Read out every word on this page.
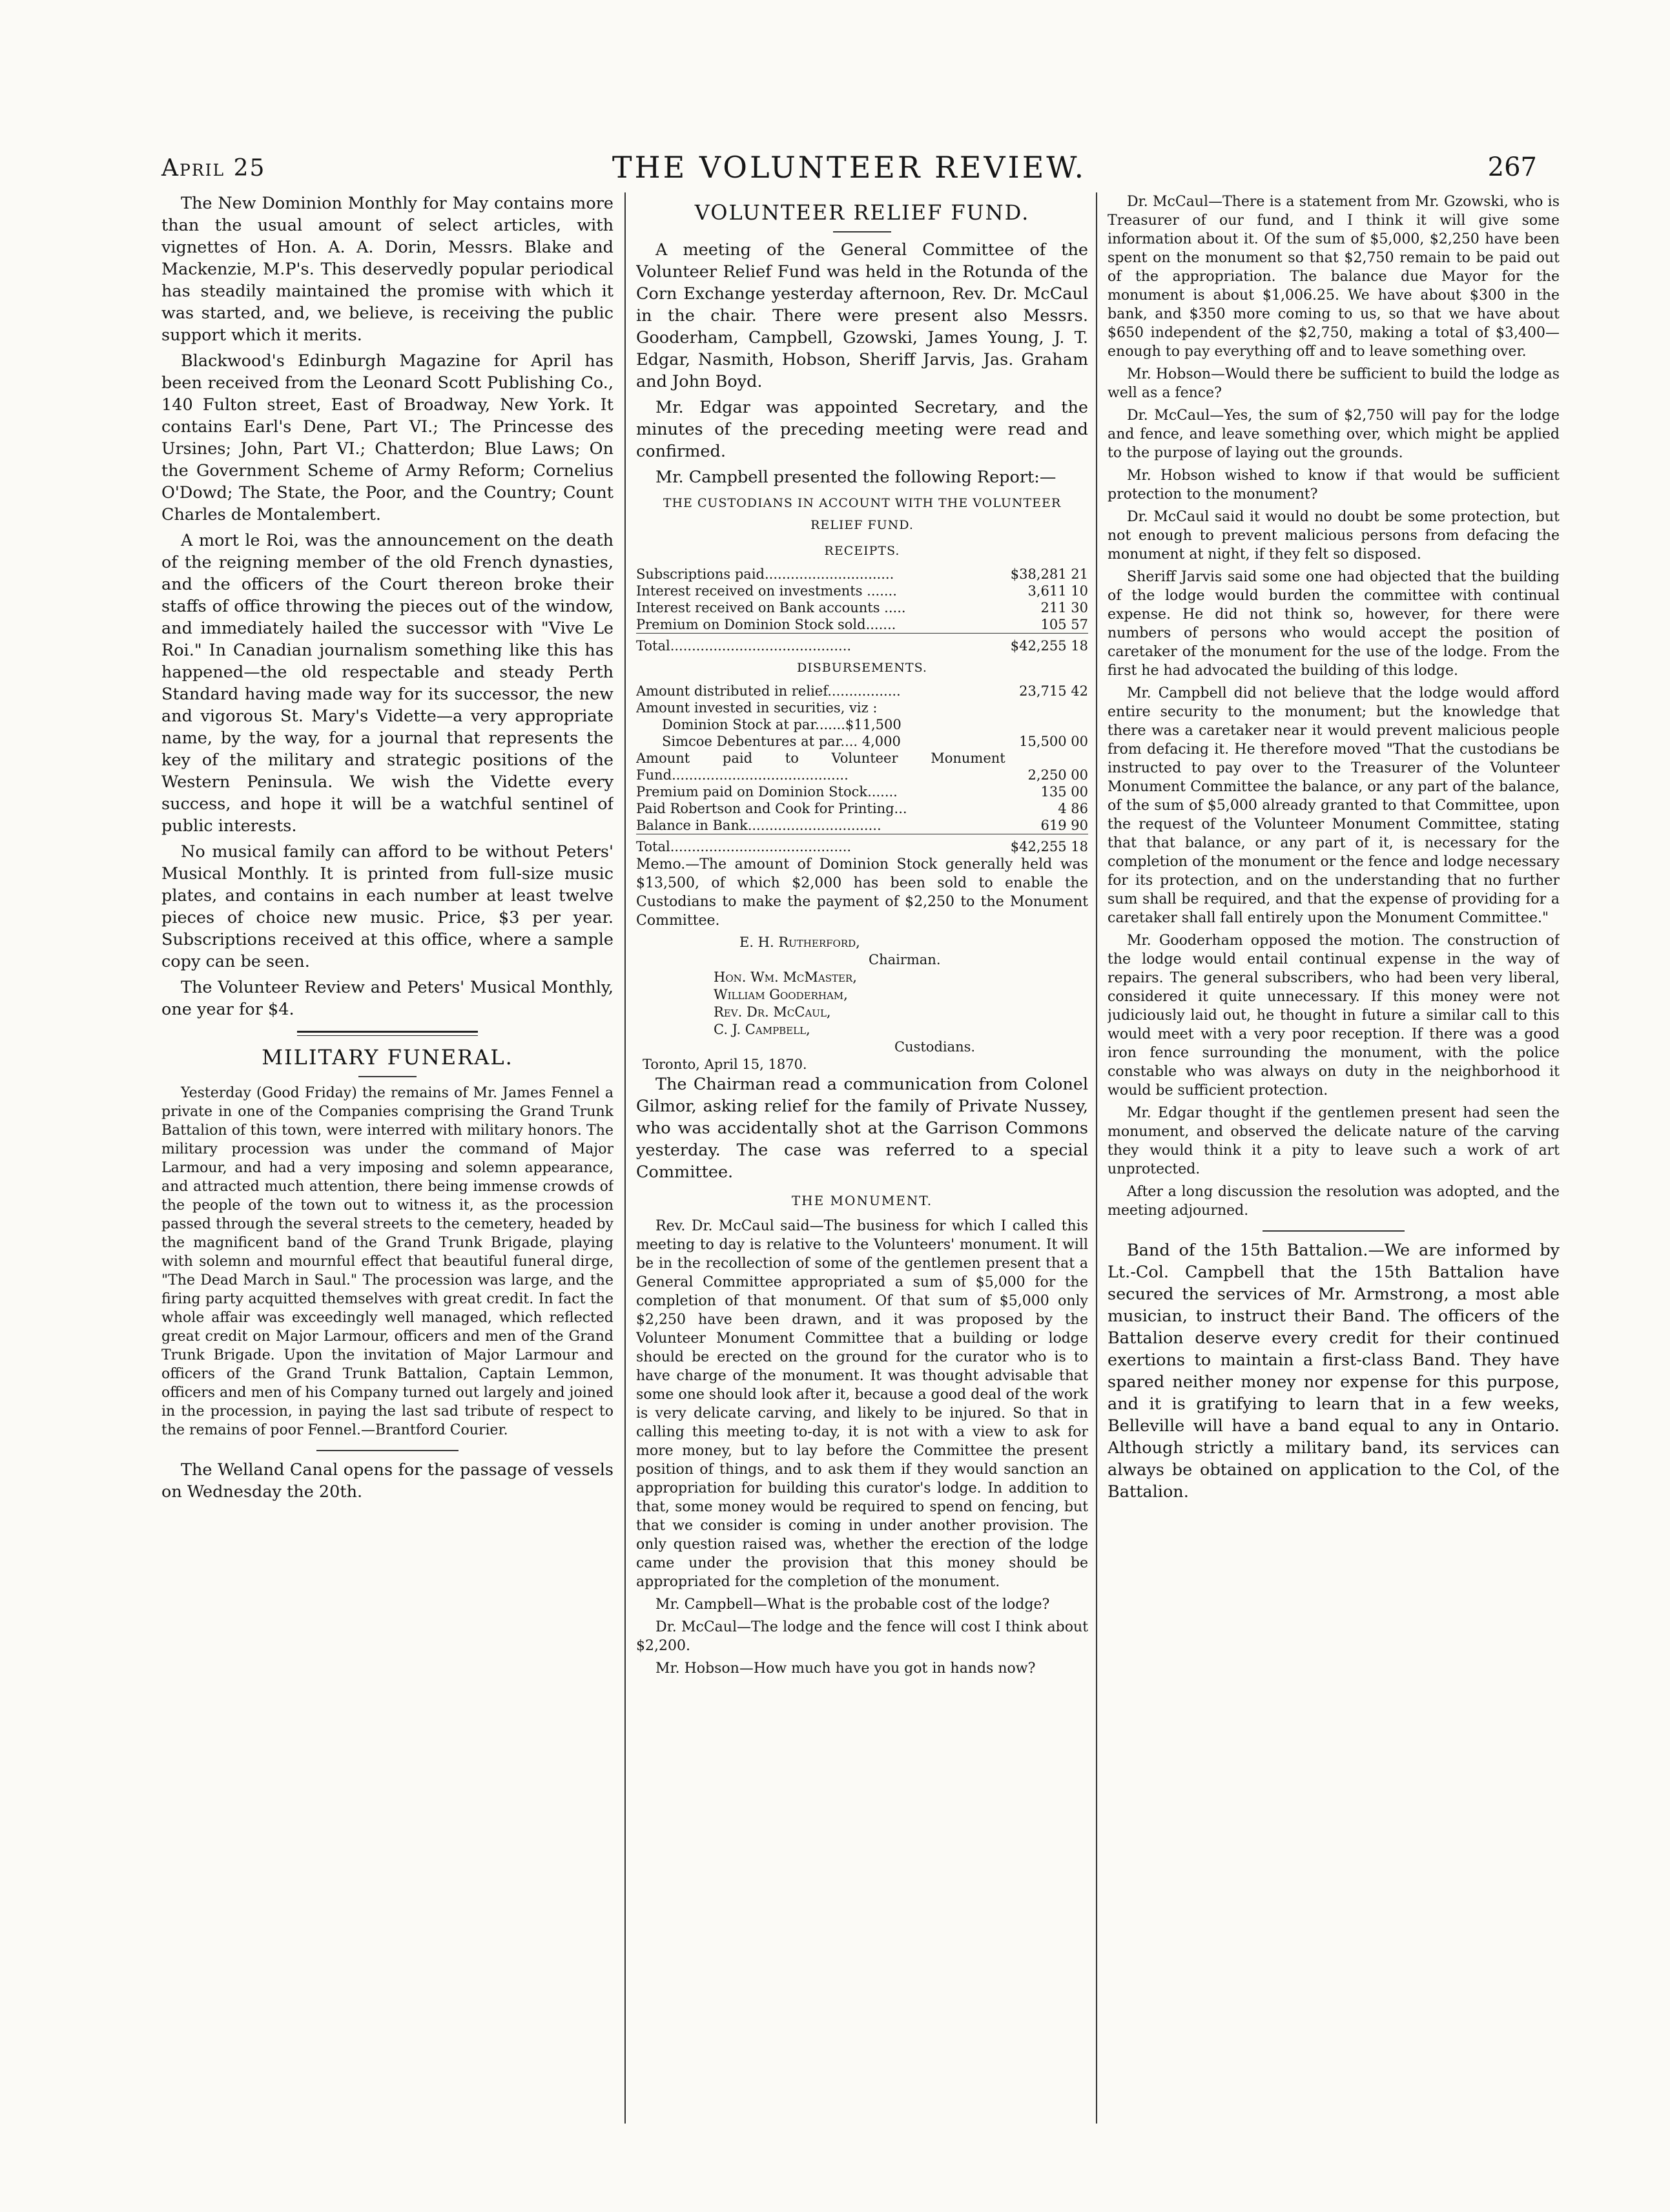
April 25	THE VOLUNTEER REVIEW.	267

The New Dominion Monthly for May contains more than the usual amount of select articles, with vignettes of Hon. A. A. Dorin, Messrs. Blake and Mackenzie, M.P's. This deservedly popular periodical has steadily maintained the promise with which it was started, and, we believe, is receiving the public support which it merits.

Blackwood's Edinburgh Magazine for April has been received from the Leonard Scott Publishing Co., 140 Fulton street, East of Broadway, New York. It contains Earl's Dene, Part VI.; The Princesse des Ursines; John, Part VI.; Chatterdon; Blue Laws; On the Government Scheme of Army Reform; Cornelius O'Dowd; The State, the Poor, and the Country; Count Charles de Montalembert.

A mort le Roi, was the announcement on the death of the reigning member of the old French dynasties, and the officers of the Court thereon broke their staffs of office throwing the pieces out of the window, and immediately hailed the successor with "Vive Le Roi." In Canadian journalism something like this has happened—the old respectable and steady Perth Standard having made way for its successor, the new and vigorous St. Mary's Vidette—a very appropriate name, by the way, for a journal that represents the key of the military and strategic positions of the Western Peninsula. We wish the Vidette every success, and hope it will be a watchful sentinel of public interests.

No musical family can afford to be without Peters' Musical Monthly. It is printed from full-size music plates, and contains in each number at least twelve pieces of choice new music. Price, $3 per year. Subscriptions received at this office, where a sample copy can be seen.

The Volunteer Review and Peters' Musical Monthly, one year for $4.

MILITARY FUNERAL.

Yesterday (Good Friday) the remains of Mr. James Fennel a private in one of the Companies comprising the Grand Trunk Battalion of this town, were interred with military honors. The military procession was under the command of Major Larmour, and had a very imposing and solemn appearance, and attracted much attention, there being immense crowds of the people of the town out to witness it, as the procession passed through the several streets to the cemetery, headed by the magnificent band of the Grand Trunk Brigade, playing with solemn and mournful effect that beautiful funeral dirge, "The Dead March in Saul." The procession was large, and the firing party acquitted themselves with great credit. In fact the whole affair was exceedingly well managed, which reflected great credit on Major Larmour, officers and men of the Grand Trunk Brigade. Upon the invitation of Major Larmour and officers of the Grand Trunk Battalion, Captain Lemmon, officers and men of his Company turned out largely and joined in the procession, in paying the last sad tribute of respect to the remains of poor Fennel.—Brantford Courier.

The Welland Canal opens for the passage of vessels on Wednesday the 20th.

VOLUNTEER RELIEF FUND.

A meeting of the General Committee of the Volunteer Relief Fund was held in the Rotunda of the Corn Exchange yesterday afternoon, Rev. Dr. McCaul in the chair. There were present also Messrs. Gooderham, Campbell, Gzowski, James Young, J. T. Edgar, Nasmith, Hobson, Sheriff Jarvis, Jas. Graham and John Boyd.

Mr. Edgar was appointed Secretary, and the minutes of the preceding meeting were read and confirmed.

Mr. Campbell presented the following Report:—

THE CUSTODIANS IN ACCOUNT WITH THE VOLUNTEER RELIEF FUND.
RECEIPTS.
Subscriptions paid..............................	$38,281 21
Interest received on investments .......	3,611 10
Interest received on Bank accounts .....	211 30
Premium on Dominion Stock sold.......	105 57
Total..........................................	$42,255 18
DISBURSEMENTS.
Amount distributed in relief.................	23,715 42
Amount invested in securities, viz :	
Dominion Stock at par.......$11,500	
Simcoe Debentures at par.... 4,000	15,500 00
Amount paid to Volunteer Monument Fund.........................................	2,250 00
Premium paid on Dominion Stock.......	135 00
Paid Robertson and Cook for Printing...	4 86
Balance in Bank...............................	619 90
Total..........................................	$42,255 18

Memo.—The amount of Dominion Stock generally held was $13,500, of which $2,000 has been sold to enable the Custodians to make the payment of $2,250 to the Monument Committee.

E. H. Rutherford,
Chairman.
Hon. Wm. McMaster,
William Gooderham,
Rev. Dr. McCaul,
C. J. Campbell,
Custodians.
Toronto, April 15, 1870.

The Chairman read a communication from Colonel Gilmor, asking relief for the family of Private Nussey, who was accidentally shot at the Garrison Commons yesterday. The case was referred to a special Committee.

THE MONUMENT.

Rev. Dr. McCaul said—The business for which I called this meeting to day is relative to the Volunteers' monument. It will be in the recollection of some of the gentlemen present that a General Committee appropriated a sum of $5,000 for the completion of that monument. Of that sum of $5,000 only $2,250 have been drawn, and it was proposed by the Volunteer Monument Committee that a building or lodge should be erected on the ground for the curator who is to have charge of the monument. It was thought advisable that some one should look after it, because a good deal of the work is very delicate carving, and likely to be injured. So that in calling this meeting to-day, it is not with a view to ask for more money, but to lay before the Committee the present position of things, and to ask them if they would sanction an appropriation for building this curator's lodge. In addition to that, some money would be required to spend on fencing, but that we consider is coming in under another provision. The only question raised was, whether the erection of the lodge came under the provision that this money should be appropriated for the completion of the monument.

Mr. Campbell—What is the probable cost of the lodge?

Dr. McCaul—The lodge and the fence will cost I think about $2,200.

Mr. Hobson—How much have you got in hands now?

Dr. McCaul—There is a statement from Mr. Gzowski, who is Treasurer of our fund, and I think it will give some information about it. Of the sum of $5,000, $2,250 have been spent on the monument so that $2,750 remain to be paid out of the appropriation. The balance due Mayor for the monument is about $1,006.25. We have about $300 in the bank, and $350 more coming to us, so that we have about $650 independent of the $2,750, making a total of $3,400—enough to pay everything off and to leave something over.

Mr. Hobson—Would there be sufficient to build the lodge as well as a fence?

Dr. McCaul—Yes, the sum of $2,750 will pay for the lodge and fence, and leave something over, which might be applied to the purpose of laying out the grounds.

Mr. Hobson wished to know if that would be sufficient protection to the monument?

Dr. McCaul said it would no doubt be some protection, but not enough to prevent malicious persons from defacing the monument at night, if they felt so disposed.

Sheriff Jarvis said some one had objected that the building of the lodge would burden the committee with continual expense. He did not think so, however, for there were numbers of persons who would accept the position of caretaker of the monument for the use of the lodge. From the first he had advocated the building of this lodge.

Mr. Campbell did not believe that the lodge would afford entire security to the monument; but the knowledge that there was a caretaker near it would prevent malicious people from defacing it. He therefore moved "That the custodians be instructed to pay over to the Treasurer of the Volunteer Monument Committee the balance, or any part of the balance, of the sum of $5,000 already granted to that Committee, upon the request of the Volunteer Monument Committee, stating that that balance, or any part of it, is necessary for the completion of the monument or the fence and lodge necessary for its protection, and on the understanding that no further sum shall be required, and that the expense of providing for a caretaker shall fall entirely upon the Monument Committee."

Mr. Gooderham opposed the motion. The construction of the lodge would entail continual expense in the way of repairs. The general subscribers, who had been very liberal, considered it quite unnecessary. If this money were not judiciously laid out, he thought in future a similar call to this would meet with a very poor reception. If there was a good iron fence surrounding the monument, with the police constable who was always on duty in the neighborhood it would be sufficient protection.

Mr. Edgar thought if the gentlemen present had seen the monument, and observed the delicate nature of the carving they would think it a pity to leave such a work of art unprotected.

After a long discussion the resolution was adopted, and the meeting adjourned.

Band of the 15th Battalion.—We are informed by Lt.-Col. Campbell that the 15th Battalion have secured the services of Mr. Armstrong, a most able musician, to instruct their Band. The officers of the Battalion deserve every credit for their continued exertions to maintain a first-class Band. They have spared neither money nor expense for this purpose, and it is gratifying to learn that in a few weeks, Belleville will have a band equal to any in Ontario. Although strictly a military band, its services can always be obtained on application to the Col, of the Battalion.
